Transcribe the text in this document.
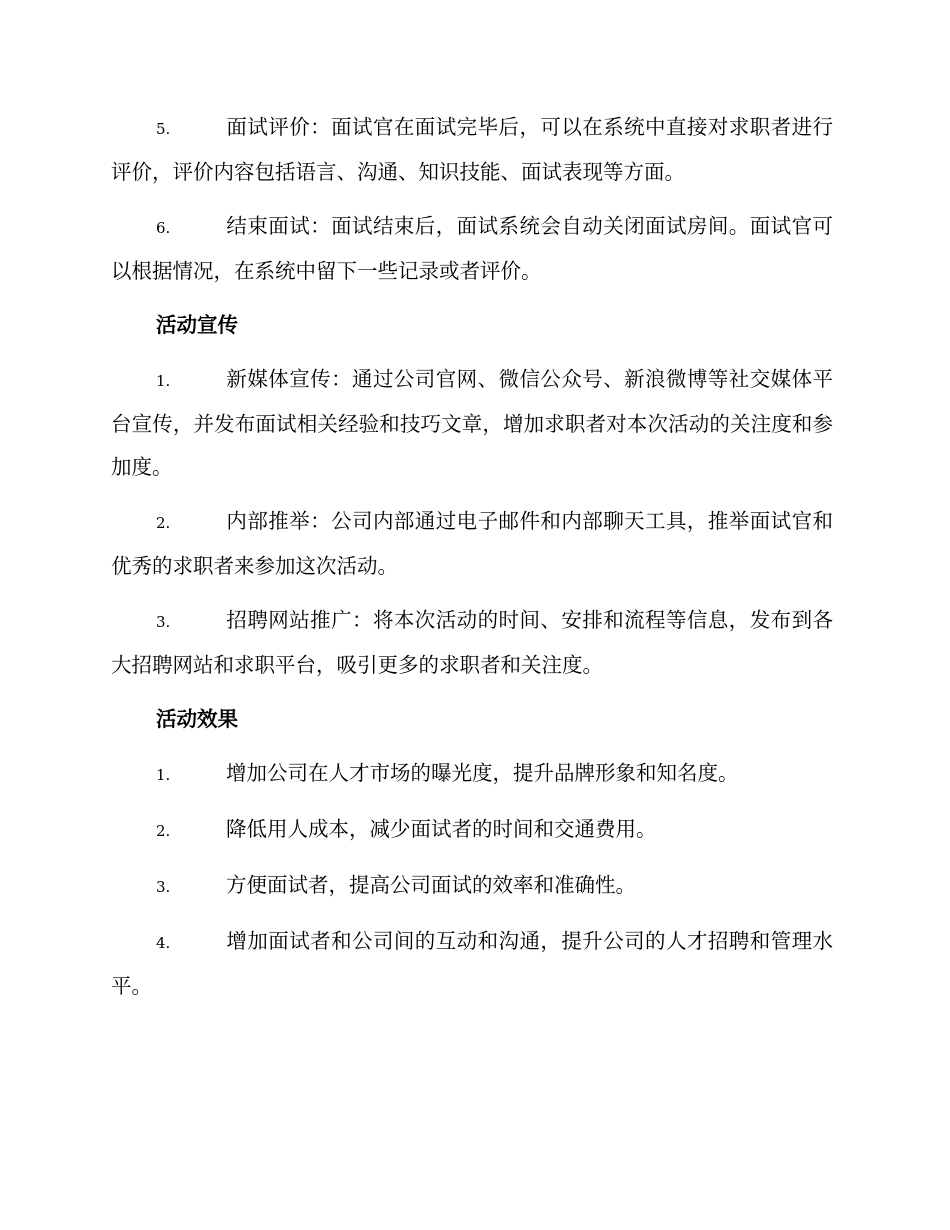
5.	面试评价：面试官在面试完毕后，可以在系统中直接对求职者进行评价，评价内容包括语言、沟通、知识技能、面试表现等方面。

6.	结束面试：面试结束后，面试系统会自动关闭面试房间。面试官可以根据情况，在系统中留下一些记录或者评价。

活动宣传

1.	新媒体宣传：通过公司官网、微信公众号、新浪微博等社交媒体平台宣传，并发布面试相关经验和技巧文章，增加求职者对本次活动的关注度和参加度。

2.	内部推举：公司内部通过电子邮件和内部聊天工具，推举面试官和优秀的求职者来参加这次活动。

3.	招聘网站推广：将本次活动的时间、安排和流程等信息，发布到各大招聘网站和求职平台，吸引更多的求职者和关注度。

活动效果

1.	增加公司在人才市场的曝光度，提升品牌形象和知名度。

2.	降低用人成本，减少面试者的时间和交通费用。

3.	方便面试者，提高公司面试的效率和准确性。

4.	增加面试者和公司间的互动和沟通，提升公司的人才招聘和管理水平。
